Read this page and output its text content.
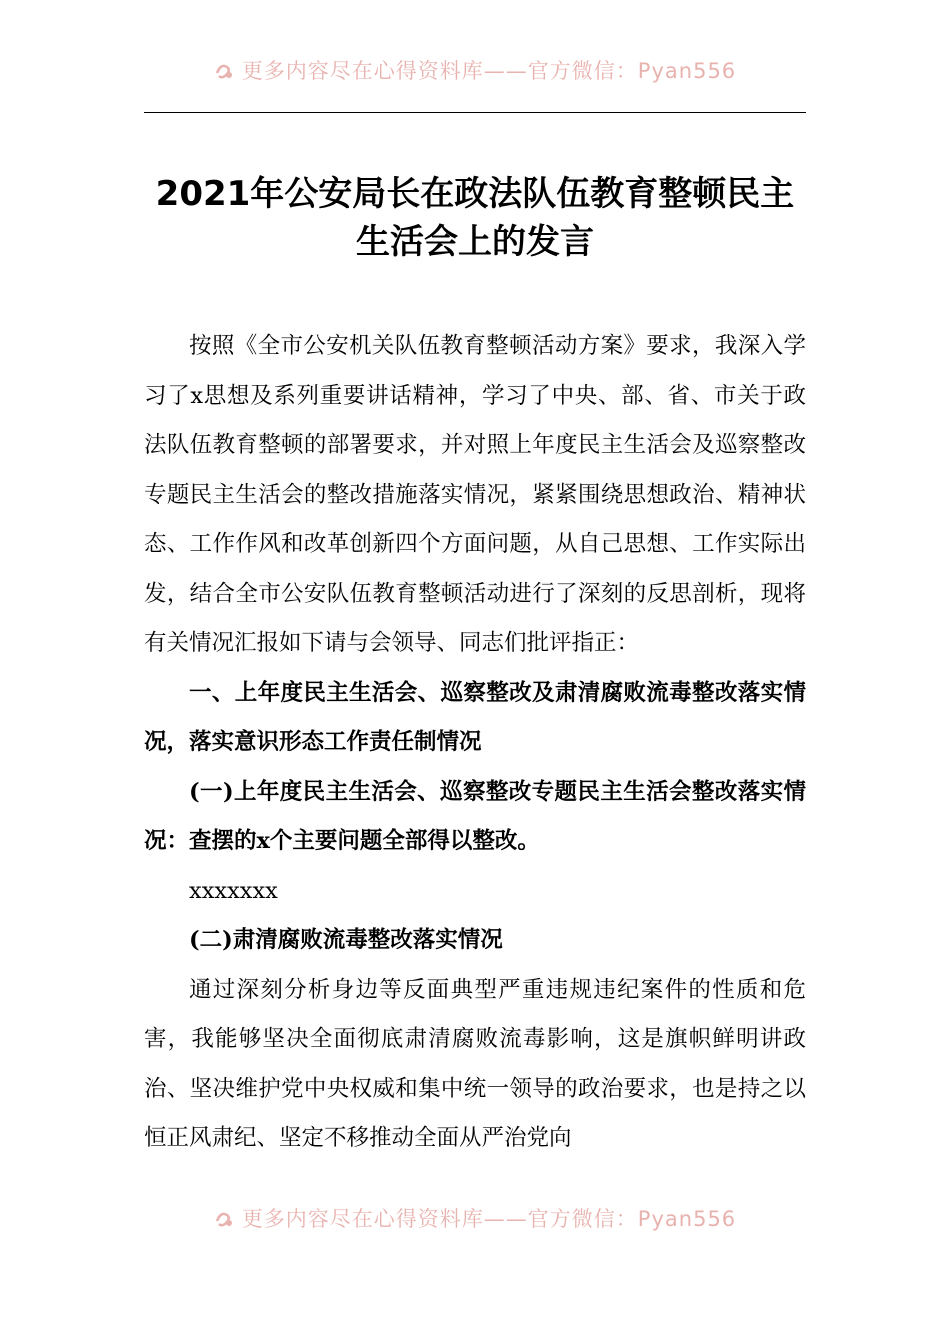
更多内容尽在心得资料库——官方微信：Pyan556
2021年公安局长在政法队伍教育整顿民主
生活会上的发言

按照《全市公安机关队伍教育整顿活动方案》要求，我深入学习了x思想及系列重要讲话精神，学习了中央、部、省、市关于政法队伍教育整顿的部署要求，并对照上年度民主生活会及巡察整改专题民主生活会的整改措施落实情况，紧紧围绕思想政治、精神状态、工作作风和改革创新四个方面问题，从自己思想、工作实际出发，结合全市公安队伍教育整顿活动进行了深刻的反思剖析，现将有关情况汇报如下请与会领导、同志们批评指正：

一、上年度民主生活会、巡察整改及肃清腐败流毒整改落实情况，落实意识形态工作责任制情况

(一)上年度民主生活会、巡察整改专题民主生活会整改落实情况：查摆的x个主要问题全部得以整改。

xxxxxxx

(二)肃清腐败流毒整改落实情况

通过深刻分析身边等反面典型严重违规违纪案件的性质和危害，我能够坚决全面彻底肃清腐败流毒影响，这是旗帜鲜明讲政治、坚决维护党中央权威和集中统一领导的政治要求，也是持之以恒正风肃纪、坚定不移推动全面从严治党向

更多内容尽在心得资料库——官方微信：Pyan556
